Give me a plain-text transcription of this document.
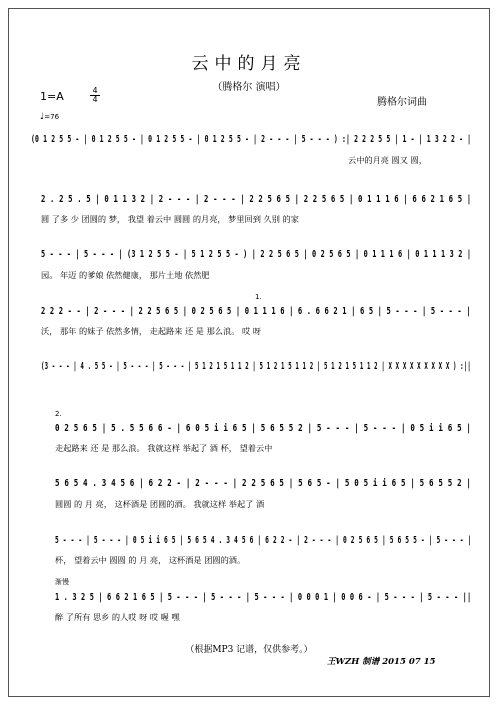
云中的月亮
（腾格尔 演唱）
腾格尔词曲
1=A	4
4
♩=76
(0 1 2 5 5 - | 0 1 2 5 5 - | 0 1 2 5 5 - | 0 1 2 5 5 - | 2 - - - | 5 - - - ) :| 2 2 2 5 5 | 1 - | 1 3 2 2 - |
云中的月亮 圆又 圆，
2 . 2 5 . 5 | 0 1 1 3 2 | 2 - - - | 2 - - - | 2 2 5 6 5 | 2 2 5 6 5 | 0 1 1 1 6 | 6 6 2 1 6 5 |
圆 了多 少 团圆的 梦， 我望 着云中 圆圆 的月亮， 梦里回到 久别 的家
5 - - - | 5 - - - | (3 1 2 5 5 - | 5 1 2 5 5 - ) | 2 2 5 6 5 | 0 2 5 6 5 | 0 1 1 1 6 | 0 1 1 1 3 2 |
园。 年迈 的爹娘 依然健康， 那片土地 依然肥
1.
2 2 2 - - | 2 - - - | 2 2 5 6 5 | 0 2 5 6 5 | 0 1 1 1 6 | 6 . 6 6 2 1 | 6 5 | 5 - - - | 5 - - - |
沃， 那年 的妹子 依然多情， 走起路来 还 是 那么浪。 哎 呀
(3 - - - | 4 . 5 5 - | 5 - - - | 5 - - - | 5 1 2 1 5 1 1 2 | 5 1 2 1 5 1 1 2 | 5 1 2 1 5 1 1 2 | X X X X X X X X X ) :||
2.
0 2 5 6 5 | 5 . 5 5 6 6 - | 6 0 5 i i 6 5 | 5 6 5 5 2 | 5 - - - | 5 - - - | 0 5 i i 6 5 |
走起路来 还 是 那么浪。 我就这样 举起了 酒 杯， 望着云中
5 6 5 4 . 3 4 5 6 | 6 2 2 - | 2 - - - | 2 2 5 6 5 | 5 6 5 - | 5 0 5 i i 6 5 | 5 6 5 5 2 |
圆圆 的 月 亮， 这杯酒是 团圆的酒。 我就这样 举起了 酒
5 - - - | 5 - - - | 0 5 i i 6 5 | 5 6 5 4 . 3 4 5 6 | 6 2 2 - | 2 - - - | 0 2 5 6 5 | 5 6 5 5 - | 5 - - - |
杯， 望着云中 圆圆 的 月 亮， 这杯酒是 团圆的酒。
渐慢
1 . 3 2 5 | 6 6 2 1 6 5 | 5 - - - | 5 - - - | 5 - - - | 0 0 0 1 | 0 0 6 - | 5 - - - | 5 - - - ||
醉 了所有 思乡 的人哎 呀 哎 喔 嘿
（根据MP3 记谱，仅供参考。）
王WZH 制谱 2015 07 15
